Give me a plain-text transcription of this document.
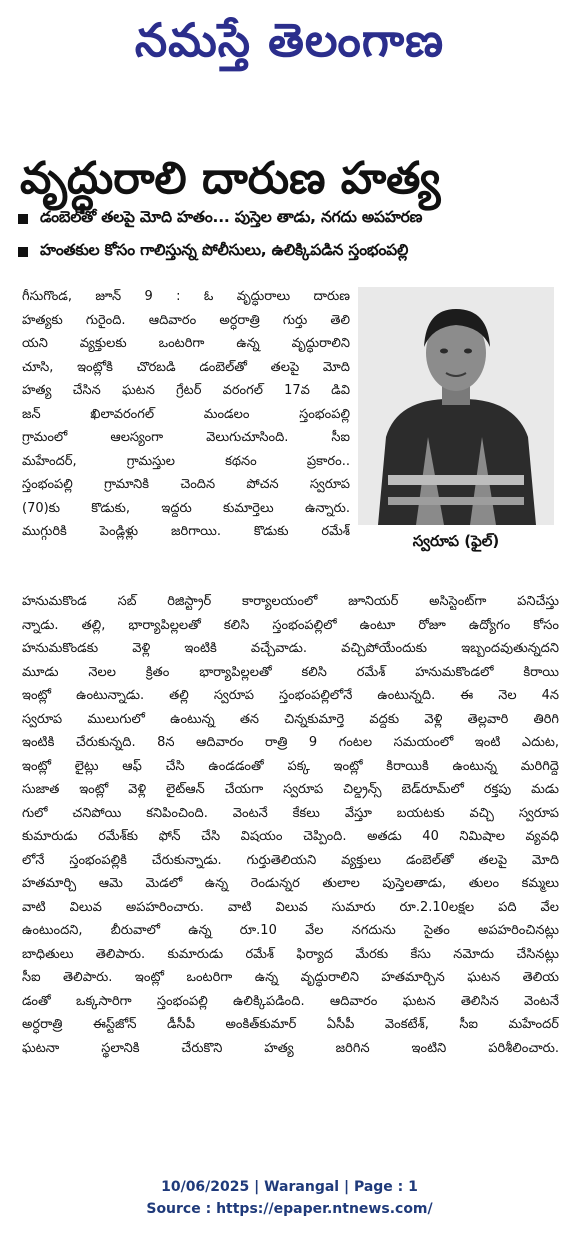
నమస్తే తెలంగాణ
వృద్ధురాలి దారుణ హత్య
డంబెల్‌తో తలపై మోది హతం... పుస్తెల తాడు, నగదు అపహరణ
హంతకుల కోసం గాలిస్తున్న పోలీసులు, ఉలిక్కిపడిన స్తంభంపల్లి
గీసుగొండ, జూన్ 9 : ఓ వృద్ధురాలు దారుణ
హత్యకు గురైంది. ఆదివారం అర్ధరాత్రి గుర్తు తెలి
యని వ్యక్తులకు ఒంటరిగా ఉన్న వృద్ధురాలిని
చూసి, ఇంట్లోకి చొరబడి డంబెల్‌తో తలపై మోది
హత్య చేసిన ఘటన గ్రేటర్ వరంగల్ 17వ డివి
జన్ ఖిలావరంగల్ మండలం స్తంభంపల్లి
గ్రామంలో ఆలస్యంగా వెలుగుచూసింది. సీఐ
మహేందర్, గ్రామస్తుల కథనం ప్రకారం..
స్తంభంపల్లి గ్రామానికి చెందిన పోచన స్వరూప
(70)కు కొడుకు, ఇద్దరు కుమార్తెలు ఉన్నారు.
ముగ్గురికి పెండ్లిళ్లు జరిగాయి. కొడుకు రమేశ్
స్వరూప (ఫైల్)
హనుమకొండ సబ్ రిజిస్ట్రార్ కార్యాలయంలో జూనియర్ అసిస్టెంట్‌గా పనిచేస్తు
న్నాడు. తల్లి, భార్యాపిల్లలతో కలిసి స్తంభంపల్లిలో ఉంటూ రోజూ ఉద్యోగం కోసం
హనుమకొండకు వెళ్లి ఇంటికి వచ్చేవాడు. వచ్చిపోయేందుకు ఇబ్బందవుతున్నదని
మూడు నెలల క్రితం భార్యాపిల్లలతో కలిసి రమేశ్ హనుమకొండలో కిరాయి
ఇంట్లో ఉంటున్నాడు. తల్లి స్వరూప స్తంభంపల్లిలోనే ఉంటున్నది. ఈ నెల 4న
స్వరూప ములుగులో ఉంటున్న తన చిన్నకుమార్తె వద్దకు వెళ్లి తెల్లవారి తిరిగి
ఇంటికి చేరుకున్నది. 8న ఆదివారం రాత్రి 9 గంటల సమయంలో ఇంటి ఎదుట,
ఇంట్లో లైట్లు ఆఫ్ చేసి ఉండడంతో పక్క ఇంట్లో కిరాయికి ఉంటున్న మరిగిద్దె
సుజాత ఇంట్లో వెళ్లి లైట్‌ఆన్ చేయగా స్వరూప చిల్డ్రన్స్ బెడ్‌రూమ్‌లో రక్తపు మడు
గులో చనిపోయి కనిపించింది. వెంటనే కేకలు వేస్తూ బయటకు వచ్చి స్వరూప
కుమారుడు రమేశ్‌కు ఫోన్ చేసి విషయం చెప్పింది. అతడు 40 నిమిషాల వ్యవధి
లోనే స్తంభంపల్లికి చేరుకున్నాడు. గుర్తుతెలియని వ్యక్తులు డంబెల్‌తో తలపై మోది
హతమార్చి ఆమె మెడలో ఉన్న రెండున్నర తులాల పుస్తెలతాడు, తులం కమ్మలు
వాటి విలువ అపహరించారు. వాటి విలువ సుమారు రూ.2.10లక్షల పది వేల
ఉంటుందని, బీరువాలో ఉన్న రూ.10 వేల నగదును సైతం అపహరించినట్లు
బాధితులు తెలిపారు. కుమారుడు రమేశ్ ఫిర్యాద మేరకు కేసు నమోదు చేసినట్లు
సీఐ తెలిపారు. ఇంట్లో ఒంటరిగా ఉన్న వృద్ధురాలిని హతమార్చిన ఘటన తెలియ
డంతో ఒక్కసారిగా స్తంభంపల్లి ఉలిక్కిపడింది. ఆదివారం ఘటన తెలిసిన వెంటనే
అర్ధరాత్రి ఈస్ట్‌జోన్ డీసీపీ అంకిత్‌కుమార్ ఏసీపీ వెంకటేశ్, సీఐ మహేందర్
ఘటనా స్థలానికి చేరుకొని హత్య జరిగిన ఇంటిని పరిశీలించారు.
10/06/2025 | Warangal | Page : 1
Source : https://epaper.ntnews.com/
